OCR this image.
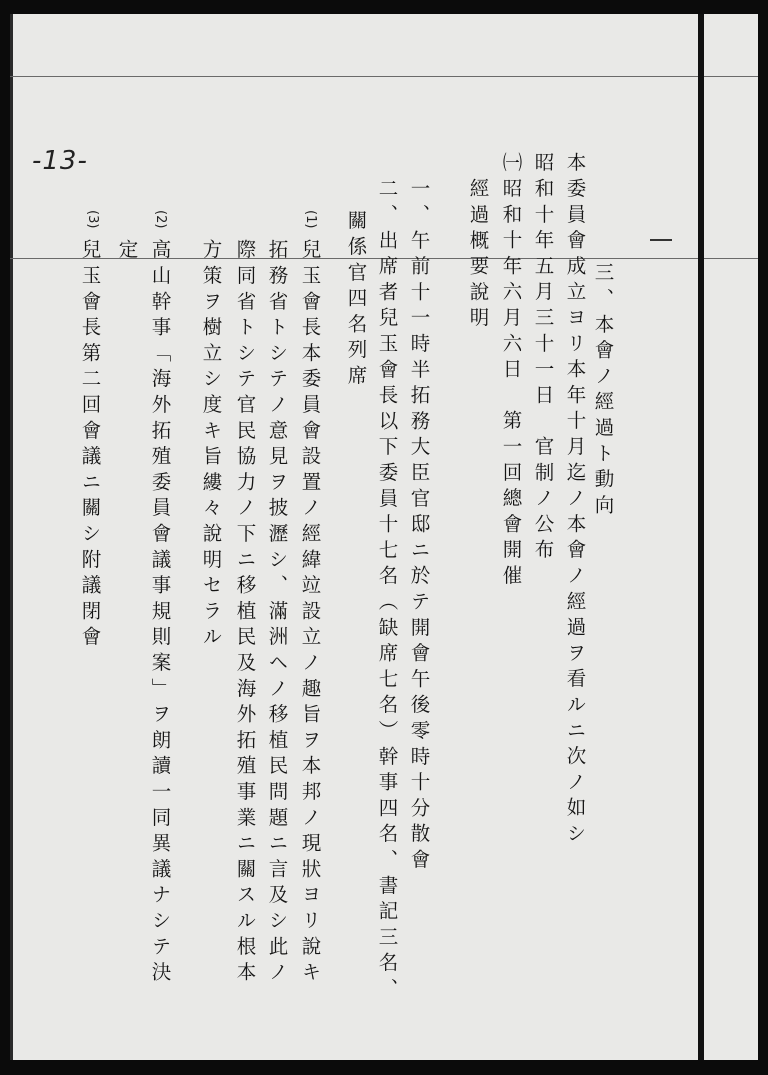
-13-	本委員會成立ヨリ本年十月迄ノ本會ノ經過ヲ看ルニ次ノ如シ 三、本會ノ經過ト動向
昭和十年五月三十一日　官制ノ公布
㈠昭和十年六月六日　第一回總會開催
經過概要說明
一、午前十一時半拓務大臣官邸ニ於テ開會午後零時十分散會
二、出席者兒玉會長以下委員十七名（缺席七名）幹事四名、書記三名、
關係官四名列席
(1)
兒玉會長本委員會設置ノ經緯竝設立ノ趣旨ヲ本邦ノ現狀ヨリ說キ
拓務省トシテノ意見ヲ披瀝シ、滿洲ヘノ移植民問題ニ言及シ此ノ
際同省トシテ官民協力ノ下ニ移植民及海外拓殖事業ニ關スル根本
方策ヲ樹立シ度キ旨縷々說明セラル
(2)
高山幹事「海外拓殖委員會議事規則案」ヲ朗讀一同異議ナシテ決
定
(3)
兒玉會長第二回會議ニ關シ附議閉會
